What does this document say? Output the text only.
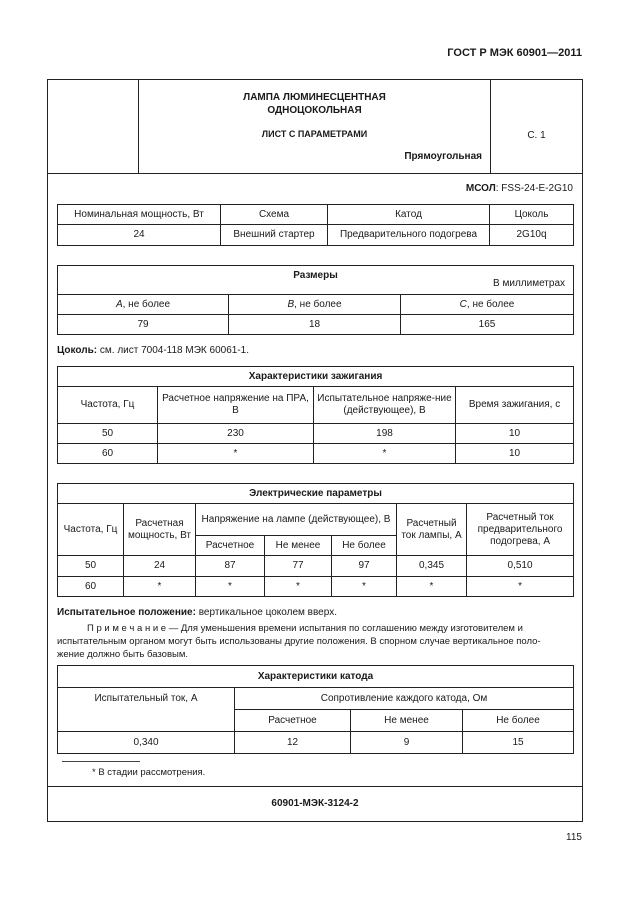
ГОСТ Р МЭК 60901—2011
ЛАМПА ЛЮМИНЕСЦЕНТНАЯ
ОДНОЦОКОЛЬНАЯ
ЛИСТ С ПАРАМЕТРАМИ
Прямоугольная
С. 1
МСОЛ: FSS-24-E-2G10
Номинальная мощность, Вт	Схема	Катод	Цоколь
24	Внешний стартер	Предварительного подогрева	2G10q
Размеры
В миллиметрах		

A, не более	B, не более	C, не более
79	18	165
Цоколь: см. лист 7004-118 МЭК 60061-1.
Характеристики зажигания			
Частота, Гц	Расчетное напряжение на ПРА, В	Испытательное напряже-ние (действующее), В	Время зажигания, с
50	230	198	10
60	*	*	10
Электрические параметры						
Частота, Гц	Расчетная мощность, Вт	Напряжение на лампе (действующее), В			Расчетный ток лампы, А	Расчетный ток предварительного подогрева, А
		Расчетное	Не менее	Не более		
50	24	87	77	97	0,345	0,510
60	*	*	*	*	*	*
Испытательное положение: вертикальное цоколем вверх.
П р и м е ч а н и е — Для уменьшения времени испытания по соглашению между изготовителем и
испытательным органом могут быть использованы другие положения. В спорном случае вертикальное поло-
жение должно быть базовым.
Характеристики катода			
Испытательный ток, А	Сопротивление каждого катода, Ом		
	Расчетное	Не менее	Не более
0,340	12	9	15
* В стадии рассмотрения.
60901-МЭК-3124-2
115
